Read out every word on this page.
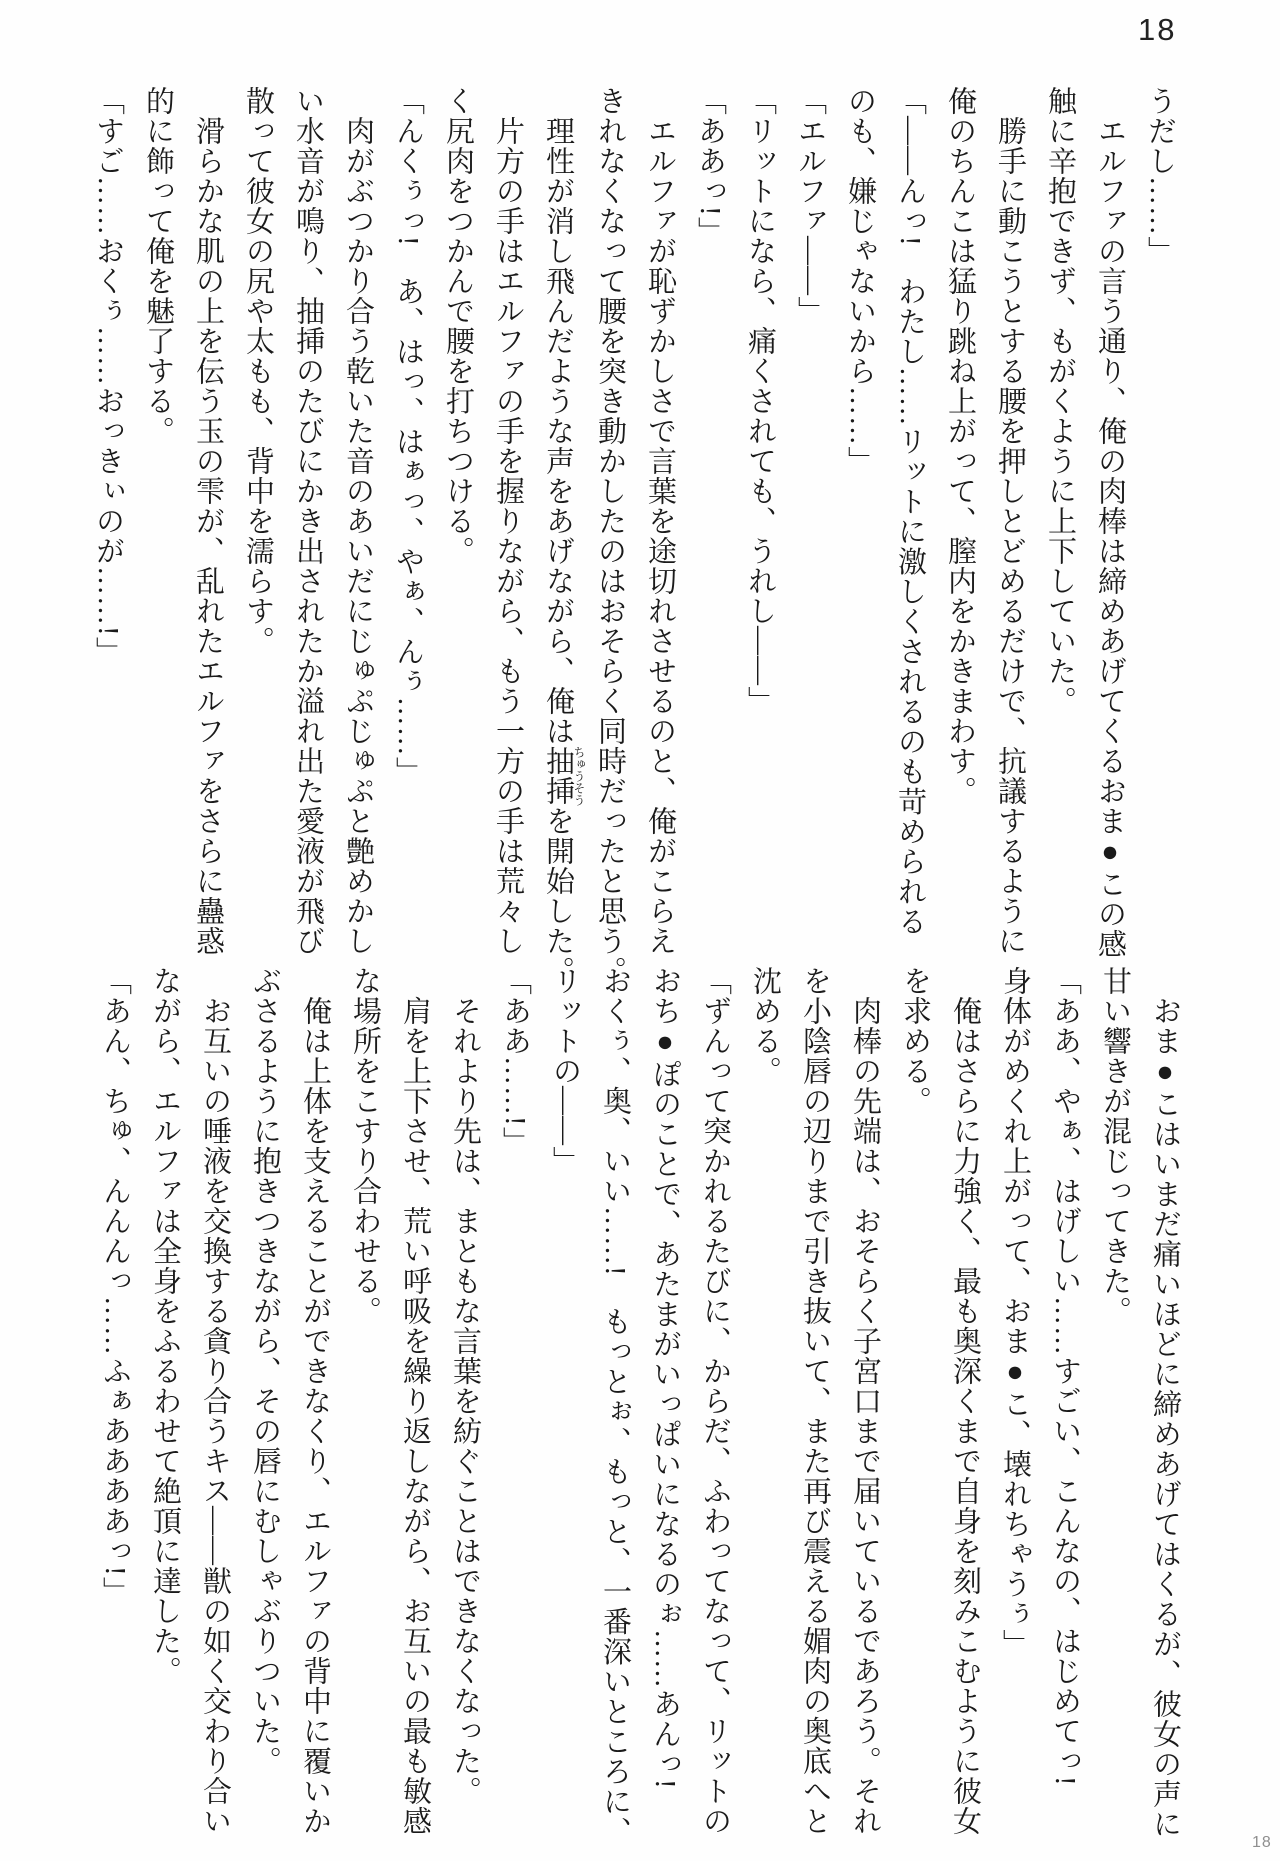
18
うだし……」
　エルファの言う通り、俺の肉棒は締めあげてくるおま●この感
触に辛抱できず、もがくように上下していた。
　勝手に動こうとする腰を押しとどめるだけで、抗議するように
俺のちんこは猛り跳ね上がって、膣内をかきまわす。
「——んっ!　わたし……リットに激しくされるのも苛められる
のも、嫌じゃないから……」
「エルファ——」
「リットになら、痛くされても、うれし——」
「ああっ!」
　エルファが恥ずかしさで言葉を途切れさせるのと、俺がこらえ
きれなくなって腰を突き動かしたのはおそらく同時だったと思う。
　理性が消し飛んだような声をあげながら、俺は抽挿ちゅうそうを開始した。
　片方の手はエルファの手を握りながら、もう一方の手は荒々し
く尻肉をつかんで腰を打ちつける。
「んくぅっ!　あ、はっ、はぁっ、やぁ、んぅ……」
　肉がぶつかり合う乾いた音のあいだにじゅぷじゅぷと艶めかし
い水音が鳴り、抽挿のたびにかき出されたか溢れ出た愛液が飛び
散って彼女の尻や太もも、背中を濡らす。
　滑らかな肌の上を伝う玉の雫が、乱れたエルファをさらに蠱惑
的に飾って俺を魅了する。
「すご……おくぅ……おっきぃのが……!」
　おま●こはいまだ痛いほどに締めあげてはくるが、彼女の声に
甘い響きが混じってきた。
「ああ、やぁ、はげしい……すごい、こんなの、はじめてっ!
身体がめくれ上がって、おま●こ、壊れちゃうぅ」
　俺はさらに力強く、最も奥深くまで自身を刻みこむように彼女
を求める。
　肉棒の先端は、おそらく子宮口まで届いているであろう。それ
を小陰唇の辺りまで引き抜いて、また再び震える媚肉の奥底へと
沈める。
「ずんって突かれるたびに、からだ、ふわってなって、リットの
おち●ぽのことで、あたまがいっぱいになるのぉ……あんっ!
おくぅ、奥、いい……!　もっとぉ、もっと、一番深いところに、
リットの——」
「ああ……!」
　それより先は、まともな言葉を紡ぐことはできなくなった。
　肩を上下させ、荒い呼吸を繰り返しながら、お互いの最も敏感
な場所をこすり合わせる。
　俺は上体を支えることができなくり、エルファの背中に覆いか
ぶさるように抱きつきながら、その唇にむしゃぶりついた。
　お互いの唾液を交換する貪り合うキス——獣の如く交わり合い
ながら、エルファは全身をふるわせて絶頂に達した。
「あん、ちゅ、んんんっ……ふぁああああっ!」
18
